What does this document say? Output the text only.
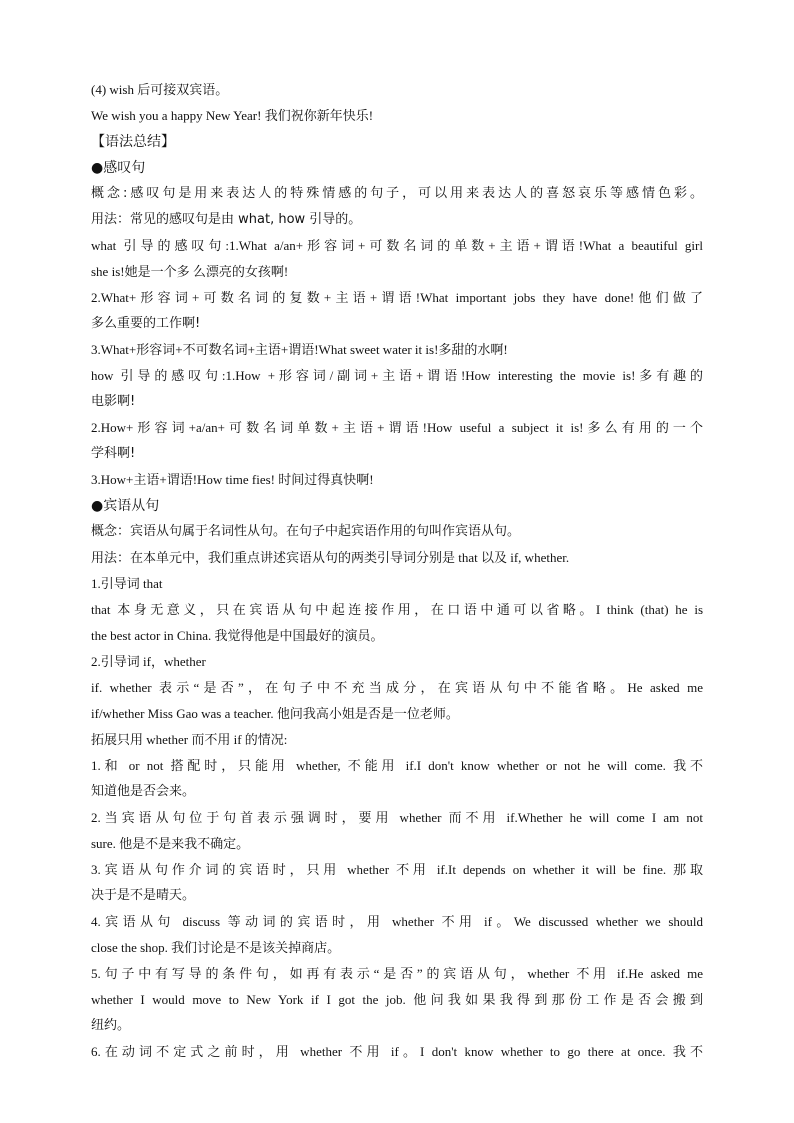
(4) wish 后可接双宾语。
We wish you a happy New Year! 我们祝你新年快乐!
【语法总结】
●感叹句
概念:感叹句是用来表达人的特殊情感的句子，可以用来表达人的喜怒哀乐等感情色彩。
用法：常见的感叹句是由 what, how 引导的。
what 引导的感叹句:1.What a/an+形容词+可数名词的单数+主语+谓语!What a beautiful girl
she is!她是一个多 么漂亮的女孩啊!
2.What+形容词+可数名词的复数+主语+谓语!What important jobs they have done!他们做了
多么重要的工作啊!
3.What+形容词+不可数名词+主语+谓语!What sweet water it is!多甜的水啊!
how 引导的感叹句:1.How +形容词/副词+主语+谓语!How interesting the movie is!多有趣的
电影啊!
2.How+形容词+a/an+可数名词单数+主语+谓语!How useful a subject it is!多么有用的一个
学科啊!
3.How+主语+谓语!How time fies! 时间过得真快啊!
●宾语从句
概念：宾语从句属于名词性从句。在句子中起宾语作用的句叫作宾语从句。
用法：在本单元中，我们重点讲述宾语从句的两类引导词分别是 that 以及 if, whether.
1.引导词 that
that 本身无意义，只在宾语从句中起连接作用，在口语中通可以省略。I think (that) he is
the best actor in China. 我觉得他是中国最好的演员。
2.引导词 if，whether
if. whether 表示“是否”，在句子中不充当成分，在宾语从句中不能省略。He asked me
if/whether Miss Gao was a teacher. 他问我高小姐是否是一位老师。
拓展只用 whether 而不用 if 的情况:
1.和 or not 搭配时，只能用 whether, 不能用 if.I don't know whether or not he will come. 我不
知道他是否会来。
2.当宾语从句位于句首表示强调时，要用 whether 而不用 if.Whether he will come I am not
sure. 他是不是来我不确定。
3.宾语从句作介词的宾语时，只用 whether 不用 if.It depends on whether it will be fine. 那取
决于是不是晴天。
4.宾语从句 discuss 等动词的宾语时，用 whether 不用 if。We discussed whether we should
close the shop. 我们讨论是不是该关掉商店。
5.句子中有写导的条件句，如再有表示“是否”的宾语从句，whether 不用 if.He asked me
whether I would move to New York if I got the job. 他问我如果我得到那份工作是否会搬到
纽约。
6.在动词不定式之前时，用 whether 不用 if。I don't know whether to go there at once. 我不
